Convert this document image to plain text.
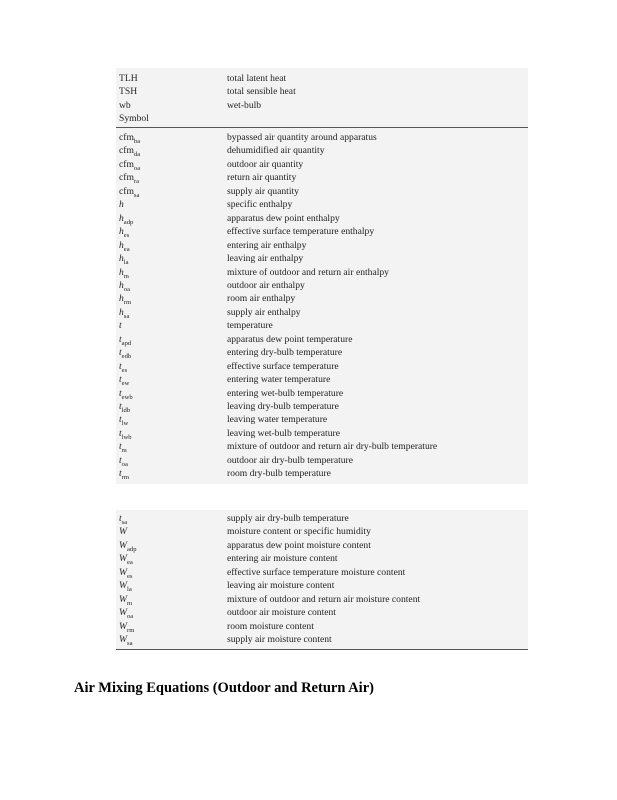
TLH	total latent heat
TSH	total sensible heat
wb	wet-bulb
Symbol
cfm$_{ba}$	bypassed air quantity around apparatus
cfm$_{da}$	dehumidified air quantity
cfm$_{oa}$	outdoor air quantity
cfm$_{ra}$	return air quantity
cfm$_{sa}$	supply air quantity
h	specific enthalpy
$h_{adp}$	apparatus dew point enthalpy
$h_{es}$	effective surface temperature enthalpy
$h_{ea}$	entering air enthalpy
$h_{la}$	leaving air enthalpy
$h_m$	mixture of outdoor and return air enthalpy
$h_{oa}$	outdoor air enthalpy
$h_{rm}$	room air enthalpy
$h_{sa}$	supply air enthalpy
t	temperature
$t_{apd}$	apparatus dew point temperature
$t_{edb}$	entering dry-bulb temperature
$t_{es}$	effective surface temperature
$t_{ew}$	entering water temperature
$t_{ewb}$	entering wet-bulb temperature
$t_{ldb}$	leaving dry-bulb temperature
$t_{lw}$	leaving water temperature
$t_{lwb}$	leaving wet-bulb temperature
$t_m$	mixture of outdoor and return air dry-bulb temperature
$t_{oa}$	outdoor air dry-bulb temperature
$t_{rm}$	room dry-bulb temperature
$t_{sa}$	supply air dry-bulb temperature
W	moisture content or specific humidity
$W_{adp}$	apparatus dew point moisture content
$W_{ea}$	entering air moisture content
$W_{es}$	effective surface temperature moisture content
$W_{la}$	leaving air moisture content
$W_m$	mixture of outdoor and return air moisture content
$W_{oa}$	outdoor air moisture content
$W_{rm}$	room moisture content
$W_{sa}$	supply air moisture content
Air Mixing Equations (Outdoor and Return Air)
